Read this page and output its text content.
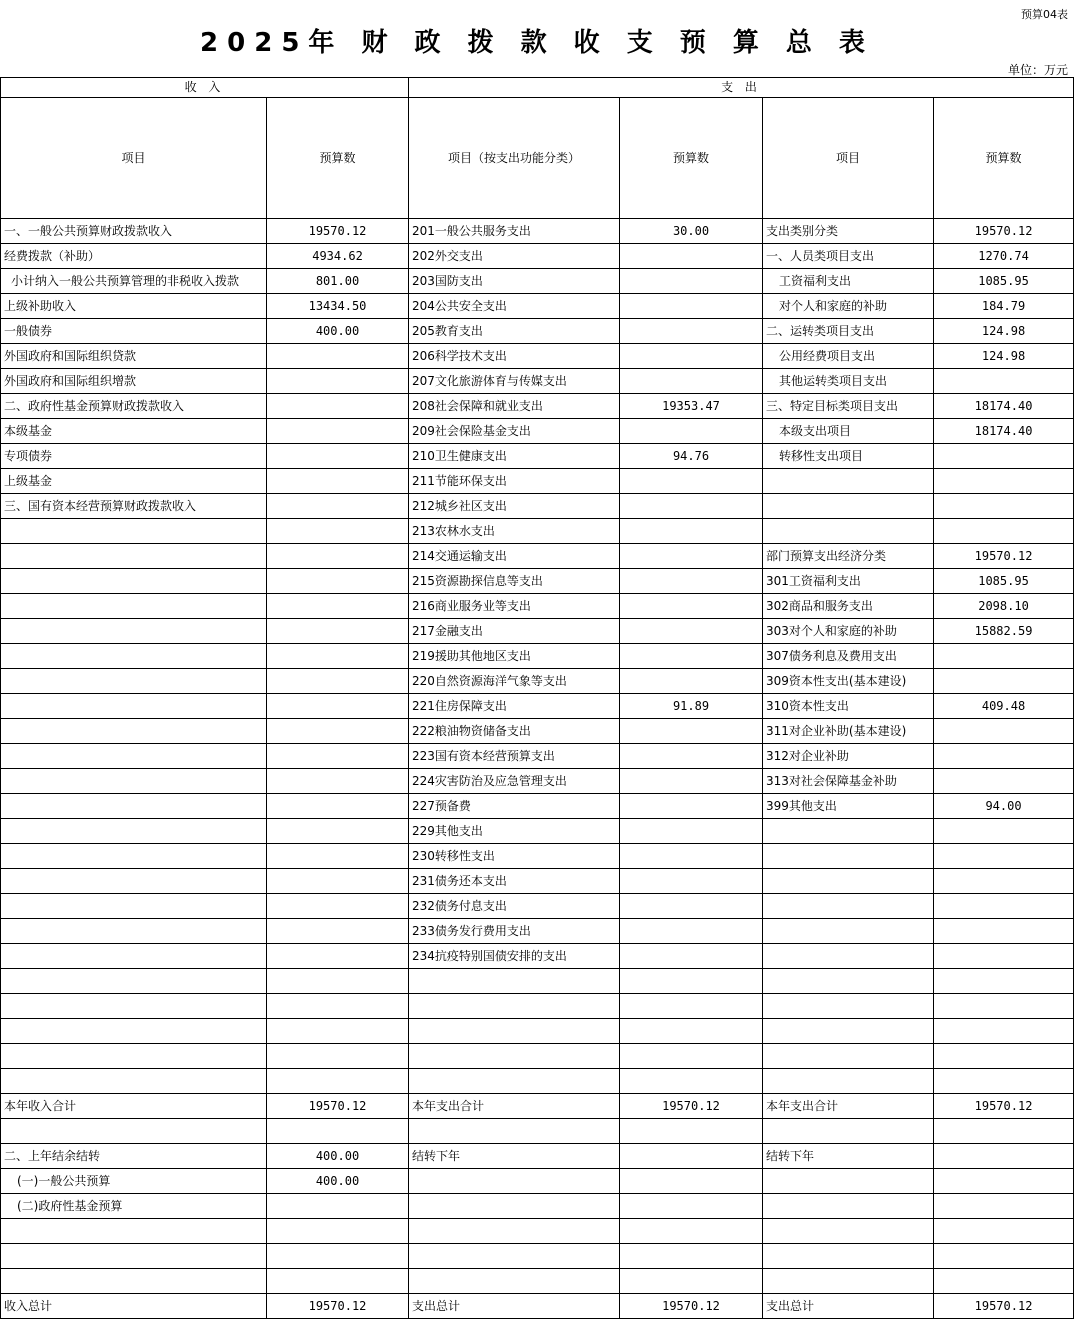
预算04表
2025年 财 政 拨 款 收 支 预 算 总 表
单位：万元
收 入		支 出			
项目	预算数	项目（按支出功能分类）	预算数	项目	预算数
一、一般公共预算财政拨款收入	19570.12	201一般公共服务支出	30.00	支出类别分类	19570.12
经费拨款（补助）	4934.62	202外交支出		一、人员类项目支出	1270.74
小计纳入一般公共预算管理的非税收入拨款	801.00	203国防支出		工资福利支出	1085.95
上级补助收入	13434.50	204公共安全支出		对个人和家庭的补助	184.79
一般债券	400.00	205教育支出		二、运转类项目支出	124.98
外国政府和国际组织贷款		206科学技术支出		公用经费项目支出	124.98
外国政府和国际组织增款		207文化旅游体育与传媒支出		其他运转类项目支出	
二、政府性基金预算财政拨款收入		208社会保障和就业支出	19353.47	三、特定目标类项目支出	18174.40
本级基金		209社会保险基金支出		本级支出项目	18174.40
专项债券		210卫生健康支出	94.76	转移性支出项目	
上级基金		211节能环保支出			
三、国有资本经营预算财政拨款收入		212城乡社区支出			
		213农林水支出			
		214交通运输支出		部门预算支出经济分类	19570.12
		215资源勘探信息等支出		301工资福利支出	1085.95
		216商业服务业等支出		302商品和服务支出	2098.10
		217金融支出		303对个人和家庭的补助	15882.59
		219援助其他地区支出		307债务利息及费用支出	
		220自然资源海洋气象等支出		309资本性支出(基本建设)	
		221住房保障支出	91.89	310资本性支出	409.48
		222粮油物资储备支出		311对企业补助(基本建设)	
		223国有资本经营预算支出		312对企业补助	
		224灾害防治及应急管理支出		313对社会保障基金补助	
		227预备费		399其他支出	94.00
		229其他支出			
		230转移性支出			
		231债务还本支出			
		232债务付息支出			
		233债务发行费用支出			
		234抗疫特别国债安排的支出			

本年收入合计	19570.12	本年支出合计	19570.12	本年支出合计	19570.12

二、上年结余结转	400.00	结转下年		结转下年	
(一)一般公共预算	400.00				
(二)政府性基金预算					

收入总计	19570.12	支出总计	19570.12	支出总计	19570.12
